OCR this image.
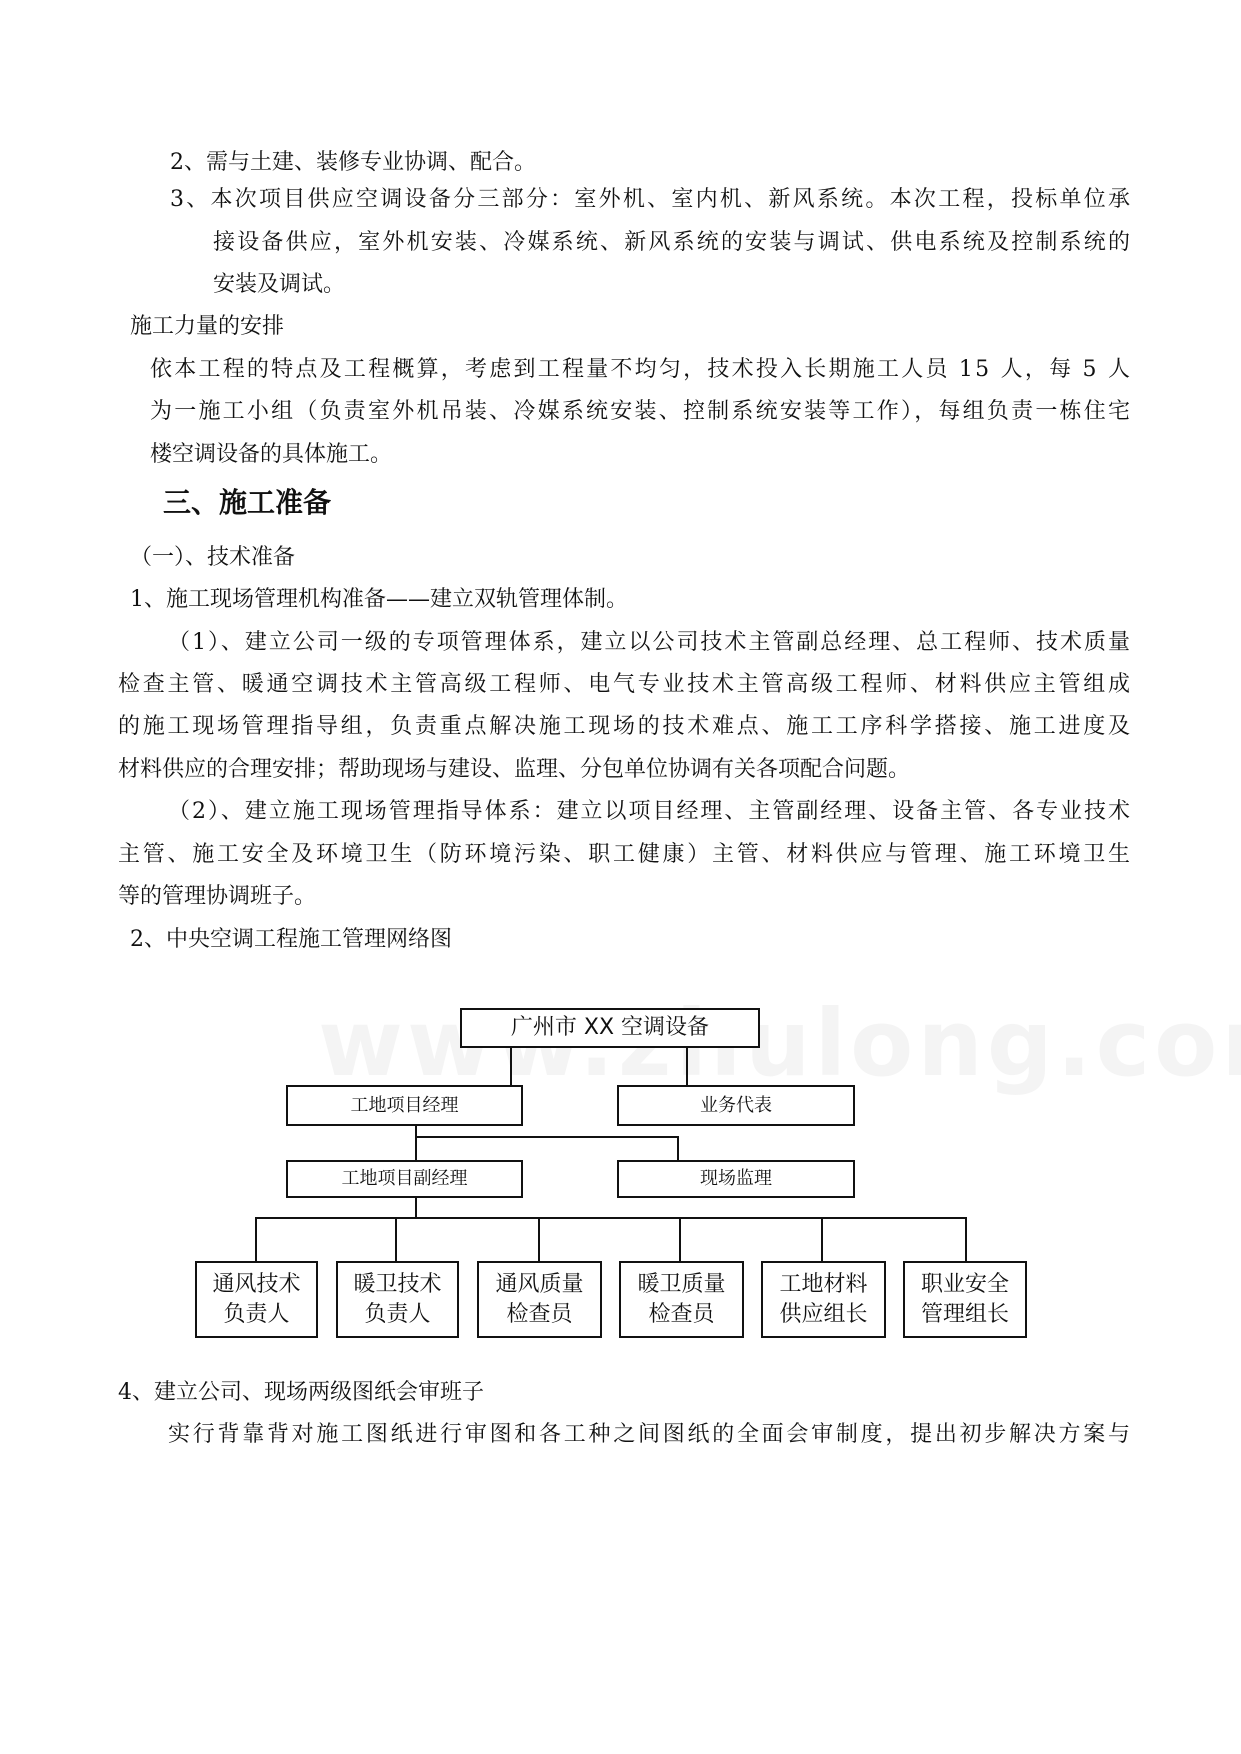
2、需与土建、装修专业协调、配合。
3、本次项目供应空调设备分三部分：室外机、室内机、新风系统。本次工程，投标单位承
接设备供应，室外机安装、冷媒系统、新风系统的安装与调试、供电系统及控制系统的
安装及调试。
施工力量的安排
依本工程的特点及工程概算，考虑到工程量不均匀，技术投入长期施工人员 15 人，每 5 人
为一施工小组（负责室外机吊装、冷媒系统安装、控制系统安装等工作），每组负责一栋住宅
楼空调设备的具体施工。
三、施工准备
（一）、技术准备
1、施工现场管理机构准备——建立双轨管理体制。
（1）、建立公司一级的专项管理体系，建立以公司技术主管副总经理、总工程师、技术质量
检查主管、暖通空调技术主管高级工程师、电气专业技术主管高级工程师、材料供应主管组成
的施工现场管理指导组，负责重点解决施工现场的技术难点、施工工序科学搭接、施工进度及
材料供应的合理安排；帮助现场与建设、监理、分包单位协调有关各项配合问题。
（2）、建立施工现场管理指导体系：建立以项目经理、主管副经理、设备主管、各专业技术
主管、施工安全及环境卫生（防环境污染、职工健康）主管、材料供应与管理、施工环境卫生
等的管理协调班子。
2、中央空调工程施工管理网络图
广州市 XX 空调设备
工地项目经理	业务代表
工地项目副经理	现场监理
通风技术
负责人
暖卫技术
负责人
通风质量
检查员
暖卫质量
检查员
工地材料
供应组长
职业安全
管理组长
4、建立公司、现场两级图纸会审班子
实行背靠背对施工图纸进行审图和各工种之间图纸的全面会审制度，提出初步解决方案与
